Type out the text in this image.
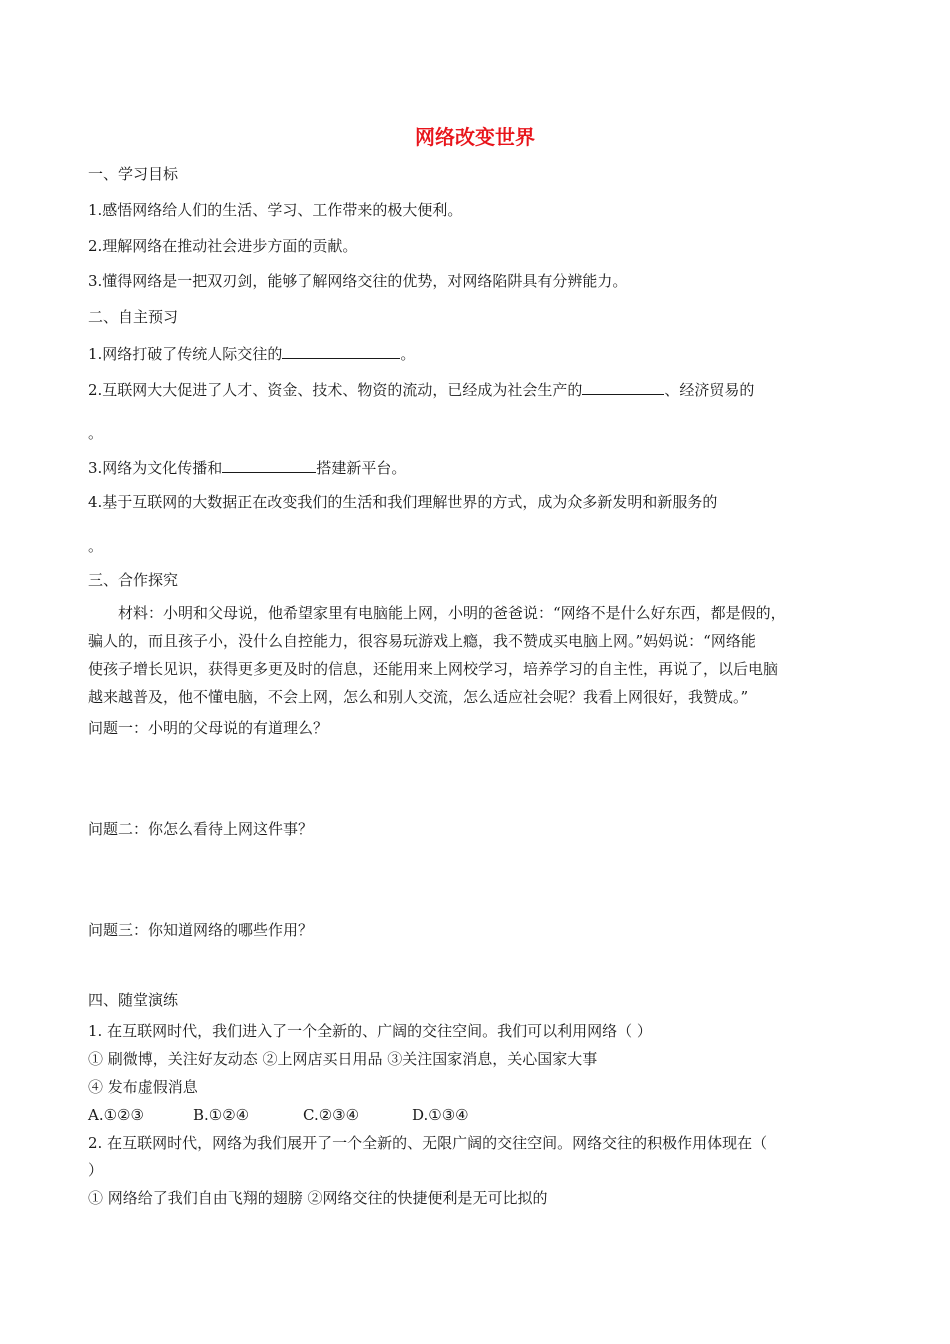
网络改变世界
一、学习目标
1.感悟网络给人们的生活、学习、工作带来的极大便利。
2.理解网络在推动社会进步方面的贡献。
3.懂得网络是一把双刃剑，能够了解网络交往的优势，对网络陷阱具有分辨能力。
二、自主预习
1.网络打破了传统人际交往的	。
2.互联网大大促进了人才、资金、技术、物资的流动，已经成为社会生产的	、经济贸易的
。
3.网络为文化传播和	搭建新平台。
4.基于互联网的大数据正在改变我们的生活和我们理解世界的方式，成为众多新发明和新服务的
。
三、合作探究
材料：小明和父母说，他希望家里有电脑能上网，小明的爸爸说：“网络不是什么好东西，都是假的，
骗人的，而且孩子小，没什么自控能力，很容易玩游戏上瘾，我不赞成买电脑上网。”妈妈说：“网络能
使孩子增长见识，获得更多更及时的信息，还能用来上网校学习，培养学习的自主性，再说了，以后电脑
越来越普及，他不懂电脑，不会上网，怎么和别人交流，怎么适应社会呢？我看上网很好，我赞成。”
问题一：小明的父母说的有道理么？
问题二：你怎么看待上网这件事？
问题三：你知道网络的哪些作用？
四、随堂演练
1. 在互联网时代，我们进入了一个全新的、广阔的交往空间。我们可以利用网络（ ）
① 刷微博，关注好友动态 ②上网店买日用品 ③关注国家消息，关心国家大事
④ 发布虚假消息
A.①②③	B.①②④	C.②③④	D.①③④
2. 在互联网时代，网络为我们展开了一个全新的、无限广阔的交往空间。网络交往的积极作用体现在（
）
① 网络给了我们自由飞翔的翅膀 ②网络交往的快捷便利是无可比拟的
